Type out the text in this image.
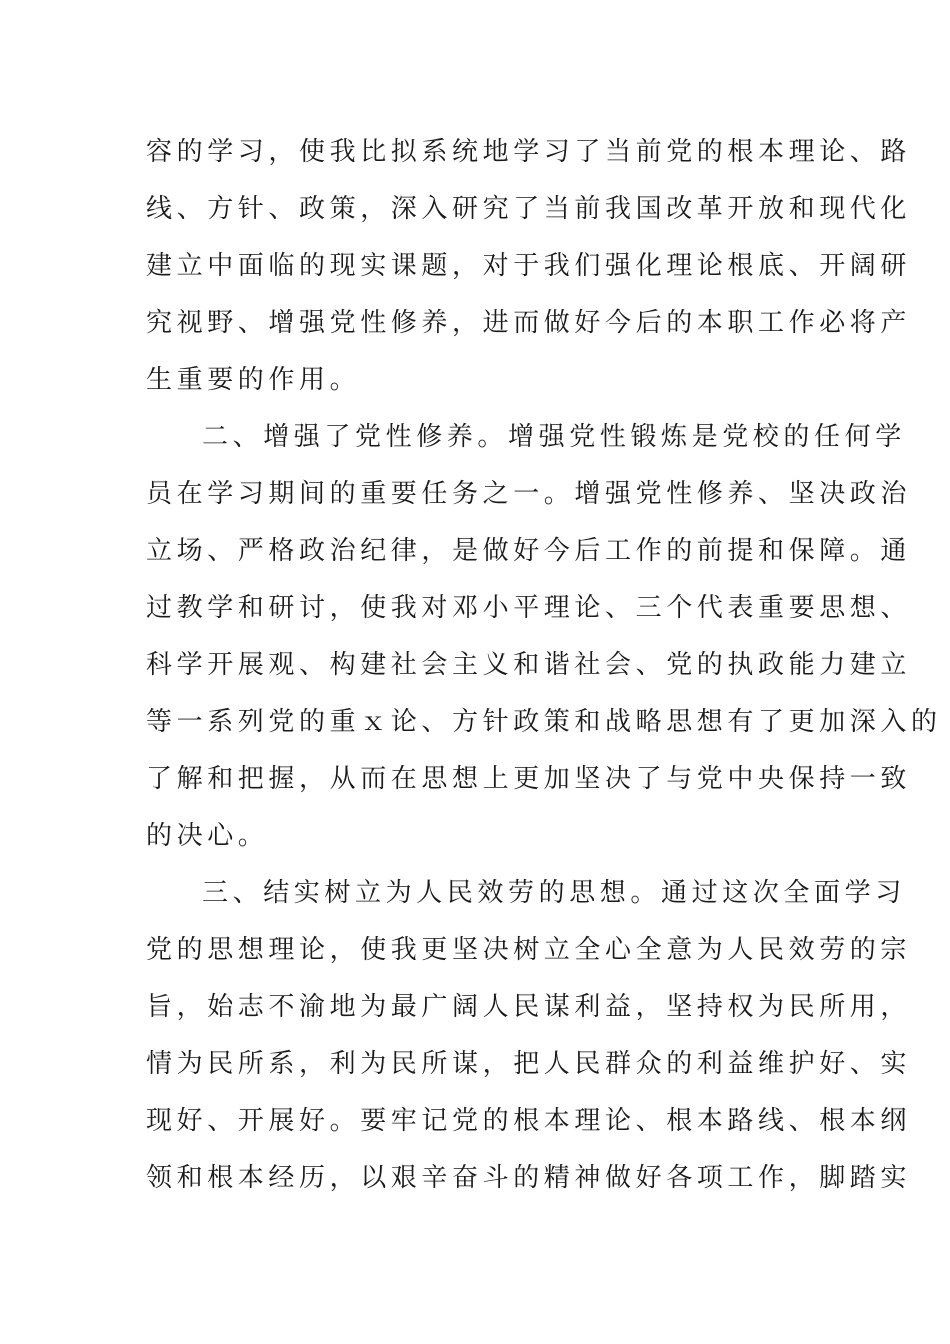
容的学习，使我比拟系统地学习了当前党的根本理论、路
线、方针、政策，深入研究了当前我国改革开放和现代化
建立中面临的现实课题，对于我们强化理论根底、开阔研
究视野、增强党性修养，进而做好今后的本职工作必将产
生重要的作用。
二、增强了党性修养。增强党性锻炼是党校的任何学
员在学习期间的重要任务之一。增强党性修养、坚决政治
立场、严格政治纪律，是做好今后工作的前提和保障。通
过教学和研讨，使我对邓小平理论、三个代表重要思想、
科学开展观、构建社会主义和谐社会、党的执政能力建立
等一系列党的重ｘ论、方针政策和战略思想有了更加深入的
了解和把握，从而在思想上更加坚决了与党中央保持一致
的决心。
三、结实树立为人民效劳的思想。通过这次全面学习
党的思想理论，使我更坚决树立全心全意为人民效劳的宗
旨，始志不渝地为最广阔人民谋利益，坚持权为民所用，
情为民所系，利为民所谋，把人民群众的利益维护好、实
现好、开展好。要牢记党的根本理论、根本路线、根本纲
领和根本经历，以艰辛奋斗的精神做好各项工作，脚踏实
